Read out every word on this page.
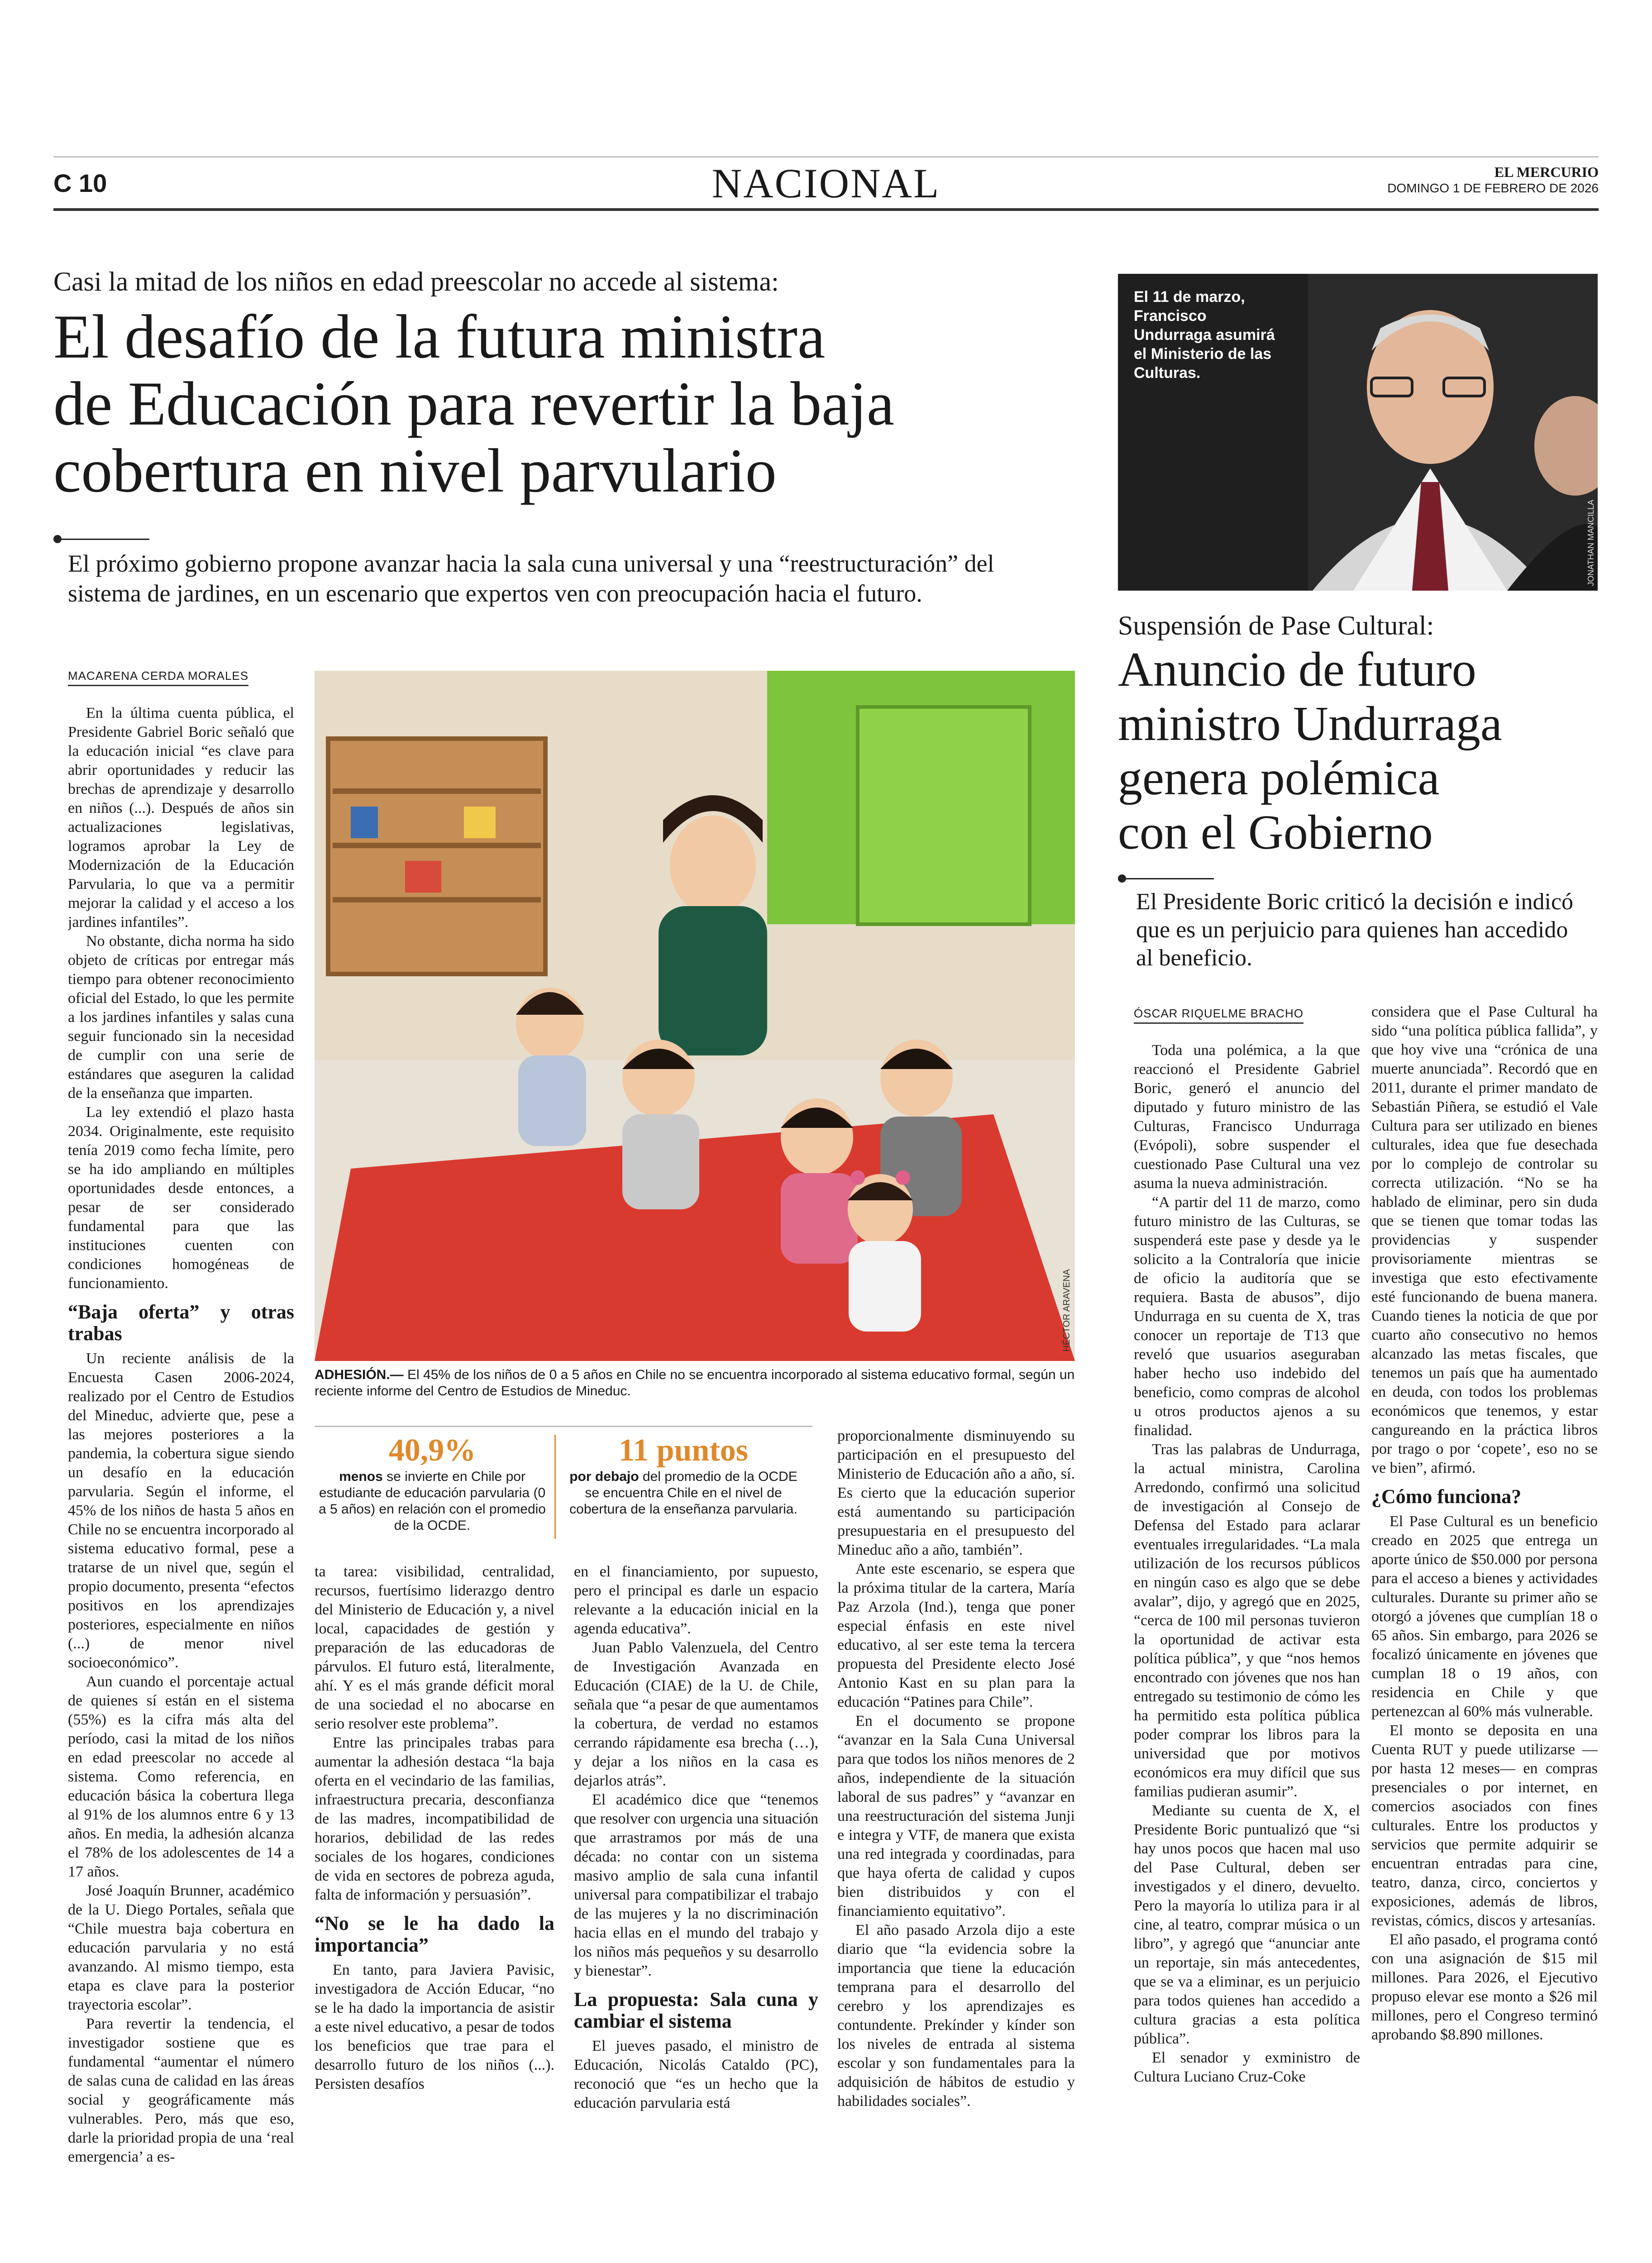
C 10	NACIONAL	EL MERCURIO
DOMINGO 1 DE FEBRERO DE 2026
Casi la mitad de los niños en edad preescolar no accede al sistema:
El desafío de la futura ministra
de Educación para revertir la baja
cobertura en nivel parvulario
El próximo gobierno propone avanzar hacia la sala cuna universal y una “reestructuración” del sistema de jardines, en un escenario que expertos ven con preocupación hacia el futuro.
MACARENA CERDA MORALES

En la última cuenta pública, el Presidente Gabriel Boric señaló que la educación inicial “es clave para abrir oportunidades y reducir las brechas de aprendizaje y desarrollo en niños (...). Después de años sin actualizaciones legislativas, logramos aprobar la Ley de Modernización de la Educación Parvularia, lo que va a permitir mejorar la calidad y el acceso a los jardines infantiles”.

No obstante, dicha norma ha sido objeto de críticas por entregar más tiempo para obtener reconocimiento oficial del Estado, lo que les permite a los jardines infantiles y salas cuna seguir funcionado sin la necesidad de cumplir con una serie de estándares que aseguren la calidad de la enseñanza que imparten.

La ley extendió el plazo hasta 2034. Originalmente, este requisito tenía 2019 como fecha límite, pero se ha ido ampliando en múltiples oportunidades desde entonces, a pesar de ser considerado fundamental para que las instituciones cuenten con condiciones homogéneas de funcionamiento.

“Baja oferta” y otras trabas

Un reciente análisis de la Encuesta Casen 2006-2024, realizado por el Centro de Estudios del Mineduc, advierte que, pese a las mejores posteriores a la pandemia, la cobertura sigue siendo un desafío en la educación parvularia. Según el informe, el 45% de los niños de hasta 5 años en Chile no se encuentra incorporado al sistema educativo formal, pese a tratarse de un nivel que, según el propio documento, presenta “efectos positivos en los aprendizajes posteriores, especialmente en niños (...) de menor nivel socioeconómico”.

Aun cuando el porcentaje actual de quienes sí están en el sistema (55%) es la cifra más alta del período, casi la mitad de los niños en edad preescolar no accede al sistema. Como referencia, en educación básica la cobertura llega al 91% de los alumnos entre 6 y 13 años. En media, la adhesión alcanza el 78% de los adolescentes de 14 a 17 años.

José Joaquín Brunner, académico de la U. Diego Portales, señala que “Chile muestra baja cobertura en educación parvularia y no está avanzando. Al mismo tiempo, esta etapa es clave para la posterior trayectoria escolar”.

Para revertir la tendencia, el investigador sostiene que es fundamental “aumentar el número de salas cuna de calidad en las áreas social y geográficamente más vulnerables. Pero, más que eso, darle la prioridad propia de una ‘real emergencia’ a es-

HÉCTOR ARAVENA
ADHESIÓN.— El 45% de los niños de 0 a 5 años en Chile no se encuentra incorporado al sistema educativo formal, según un reciente informe del Centro de Estudios de Mineduc.
40,9%
menos se invierte en Chile por estudiante de educación parvularia (0 a 5 años) en relación con el promedio de la OCDE.
11 puntos
por debajo del promedio de la OCDE se encuentra Chile en el nivel de cobertura de la enseñanza parvularia.

ta tarea: visibilidad, centralidad, recursos, fuertísimo liderazgo dentro del Ministerio de Educación y, a nivel local, capacidades de gestión y preparación de las educadoras de párvulos. El futuro está, literalmente, ahí. Y es el más grande déficit moral de una sociedad el no abocarse en serio resolver este problema”.

Entre las principales trabas para aumentar la adhesión destaca “la baja oferta en el vecindario de las familias, infraestructura precaria, desconfianza de las madres, incompatibilidad de horarios, debilidad de las redes sociales de los hogares, condiciones de vida en sectores de pobreza aguda, falta de información y persuasión”.

“No se le ha dado la importancia”

En tanto, para Javiera Pavisic, investigadora de Acción Educar, “no se le ha dado la importancia de asistir a este nivel educativo, a pesar de todos los beneficios que trae para el desarrollo futuro de los niños (...). Persisten desafíos

en el financiamiento, por supuesto, pero el principal es darle un espacio relevante a la educación inicial en la agenda educativa”.

Juan Pablo Valenzuela, del Centro de Investigación Avanzada en Educación (CIAE) de la U. de Chile, señala que “a pesar de que aumentamos la cobertura, de verdad no estamos cerrando rápidamente esa brecha (…), y dejar a los niños en la casa es dejarlos atrás”.

El académico dice que “tenemos que resolver con urgencia una situación que arrastramos por más de una década: no contar con un sistema masivo amplio de sala cuna infantil universal para compatibilizar el trabajo de las mujeres y la no discriminación hacia ellas en el mundo del trabajo y los niños más pequeños y su desarrollo y bienestar”.

La propuesta: Sala cuna y cambiar el sistema

El jueves pasado, el ministro de Educación, Nicolás Cataldo (PC), reconoció que “es un hecho que la educación parvularia está

proporcionalmente disminuyendo su participación en el presupuesto del Ministerio de Educación año a año, sí. Es cierto que la educación superior está aumentando su participación presupuestaria en el presupuesto del Mineduc año a año, también”.

Ante este escenario, se espera que la próxima titular de la cartera, María Paz Arzola (Ind.), tenga que poner especial énfasis en este nivel educativo, al ser este tema la tercera propuesta del Presidente electo José Antonio Kast en su plan para la educación “Patines para Chile”.

En el documento se propone “avanzar en la Sala Cuna Universal para que todos los niños menores de 2 años, independiente de la situación laboral de sus padres” y “avanzar en una reestructuración del sistema Junji e integra y VTF, de manera que exista una red integrada y coordinadas, para que haya oferta de calidad y cupos bien distribuidos y con el financiamiento equitativo”.

El año pasado Arzola dijo a este diario que “la evidencia sobre la importancia que tiene la educación temprana para el desarrollo del cerebro y los aprendizajes es contundente. Prekínder y kínder son los niveles de entrada al sistema escolar y son fundamentales para la adquisición de hábitos de estudio y habilidades sociales”.

El 11 de marzo, Francisco Undurraga asumirá el Ministerio de las Culturas.
JONATHAN MANCILLA
Suspensión de Pase Cultural:
Anuncio de futuro
ministro Undurraga
genera polémica
con el Gobierno
El Presidente Boric criticó la decisión e indicó que es un perjuicio para quienes han accedido al beneficio.
ÓSCAR RIQUELME BRACHO

Toda una polémica, a la que reaccionó el Presidente Gabriel Boric, generó el anuncio del diputado y futuro ministro de las Culturas, Francisco Undurraga (Evópoli), sobre suspender el cuestionado Pase Cultural una vez asuma la nueva administración.

“A partir del 11 de marzo, como futuro ministro de las Culturas, se suspenderá este pase y desde ya le solicito a la Contraloría que inicie de oficio la auditoría que se requiera. Basta de abusos”, dijo Undurraga en su cuenta de X, tras conocer un reportaje de T13 que reveló que usuarios aseguraban haber hecho uso indebido del beneficio, como compras de alcohol u otros productos ajenos a su finalidad.

Tras las palabras de Undurraga, la actual ministra, Carolina Arredondo, confirmó una solicitud de investigación al Consejo de Defensa del Estado para aclarar eventuales irregularidades. “La mala utilización de los recursos públicos en ningún caso es algo que se debe avalar”, dijo, y agregó que en 2025, “cerca de 100 mil personas tuvieron la oportunidad de activar esta política pública”, y que “nos hemos encontrado con jóvenes que nos han entregado su testimonio de cómo les ha permitido esta política pública poder comprar los libros para la universidad que por motivos económicos era muy difícil que sus familias pudieran asumir”.

Mediante su cuenta de X, el Presidente Boric puntualizó que “si hay unos pocos que hacen mal uso del Pase Cultural, deben ser investigados y el dinero, devuelto. Pero la mayoría lo utiliza para ir al cine, al teatro, comprar música o un libro”, y agregó que “anunciar ante un reportaje, sin más antecedentes, que se va a eliminar, es un perjuicio para todos quienes han accedido a cultura gracias a esta política pública”.

El senador y exministro de Cultura Luciano Cruz-Coke

considera que el Pase Cultural ha sido “una política pública fallida”, y que hoy vive una “crónica de una muerte anunciada”. Recordó que en 2011, durante el primer mandato de Sebastián Piñera, se estudió el Vale Cultura para ser utilizado en bienes culturales, idea que fue desechada por lo complejo de controlar su correcta utilización. “No se ha hablado de eliminar, pero sin duda que se tienen que tomar todas las providencias y suspender provisoriamente mientras se investiga que esto efectivamente esté funcionando de buena manera. Cuando tienes la noticia de que por cuarto año consecutivo no hemos alcanzado las metas fiscales, que tenemos un país que ha aumentado en deuda, con todos los problemas económicos que tenemos, y estar cangureando en la práctica libros por trago o por ‘copete’, eso no se ve bien”, afirmó.

¿Cómo funciona?

El Pase Cultural es un beneficio creado en 2025 que entrega un aporte único de $50.000 por persona para el acceso a bienes y actividades culturales. Durante su primer año se otorgó a jóvenes que cumplían 18 o 65 años. Sin embargo, para 2026 se focalizó únicamente en jóvenes que cumplan 18 o 19 años, con residencia en Chile y que pertenezcan al 60% más vulnerable.

El monto se deposita en una Cuenta RUT y puede utilizarse —por hasta 12 meses— en compras presenciales o por internet, en comercios asociados con fines culturales. Entre los productos y servicios que permite adquirir se encuentran entradas para cine, teatro, danza, circo, conciertos y exposiciones, además de libros, revistas, cómics, discos y artesanías.

El año pasado, el programa contó con una asignación de $15 mil millones. Para 2026, el Ejecutivo propuso elevar ese monto a $26 mil millones, pero el Congreso terminó aprobando $8.890 millones.
